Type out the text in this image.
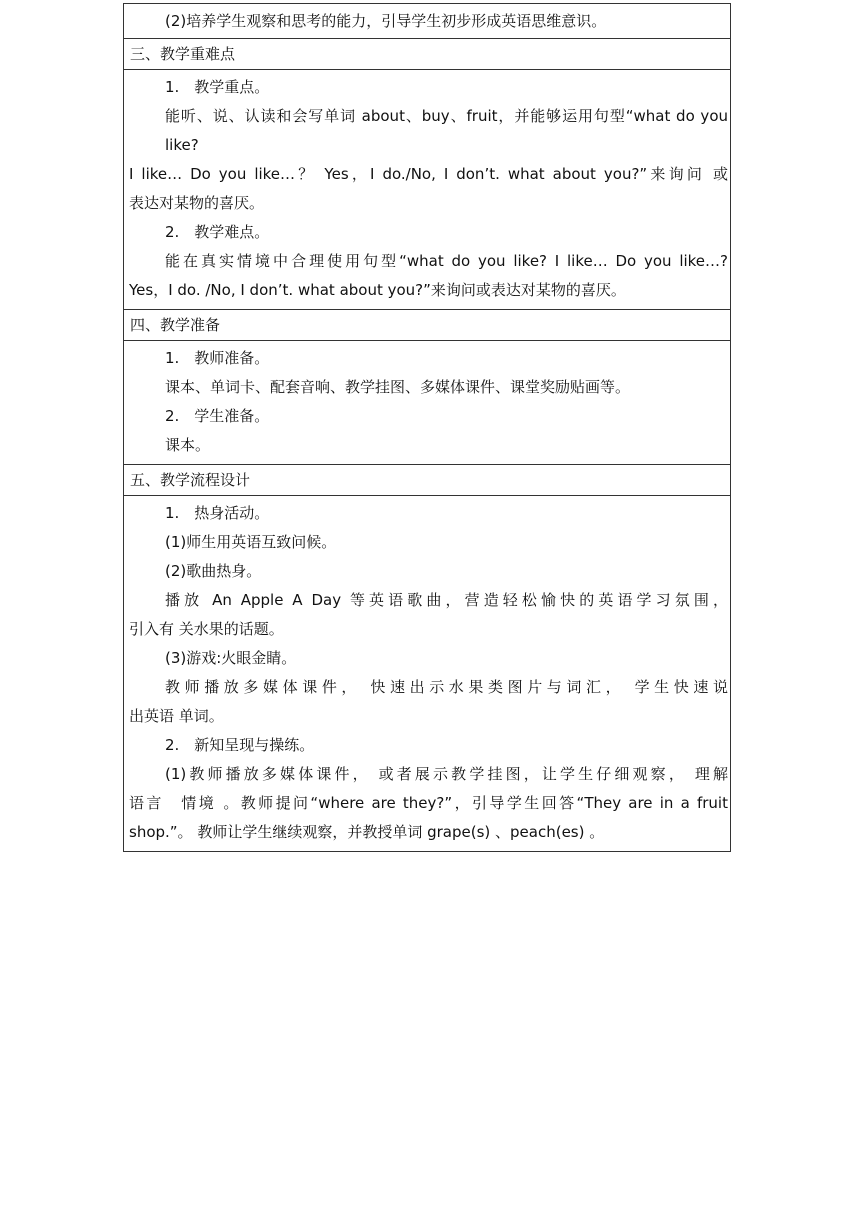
(2)培养学生观察和思考的能力，引导学生初步形成英语思维意识。
三、教学重难点
1.　教学重点。
能听、说、认读和会写单词 about、buy、fruit，并能够运用句型“what do you like?
I like… Do you like…？ Yes，I do./No, I don’t. what about you?”来询问 或
表达对某物的喜厌。
2.　教学难点。
能在真实情境中合理使用句型“what do you like? I like… Do you like…?
Yes，I do. /No, I don’t. what about you?”来询问或表达对某物的喜厌。
四、教学准备
1.　教师准备。
课本、单词卡、配套音响、教学挂图、多媒体课件、课堂奖励贴画等。
2.　学生准备。
课本。
五、教学流程设计
1.　热身活动。
(1)师生用英语互致问候。
(2)歌曲热身。
播放 An Apple A Day 等英语歌曲，营造轻松愉快的英语学习氛围，
引入有 关水果的话题。
(3)游戏:火眼金睛。
教师播放多媒体课件， 快速出示水果类图片与词汇， 学生快速说
出英语 单词。
2.　新知呈现与操练。
(1)教师播放多媒体课件， 或者展示教学挂图，让学生仔细观察， 理解
语言　情境 。教师提问“where are they?”，引导学生回答“They are in a fruit
shop.”。 教师让学生继续观察，并教授单词 grape(s) 、peach(es) 。
